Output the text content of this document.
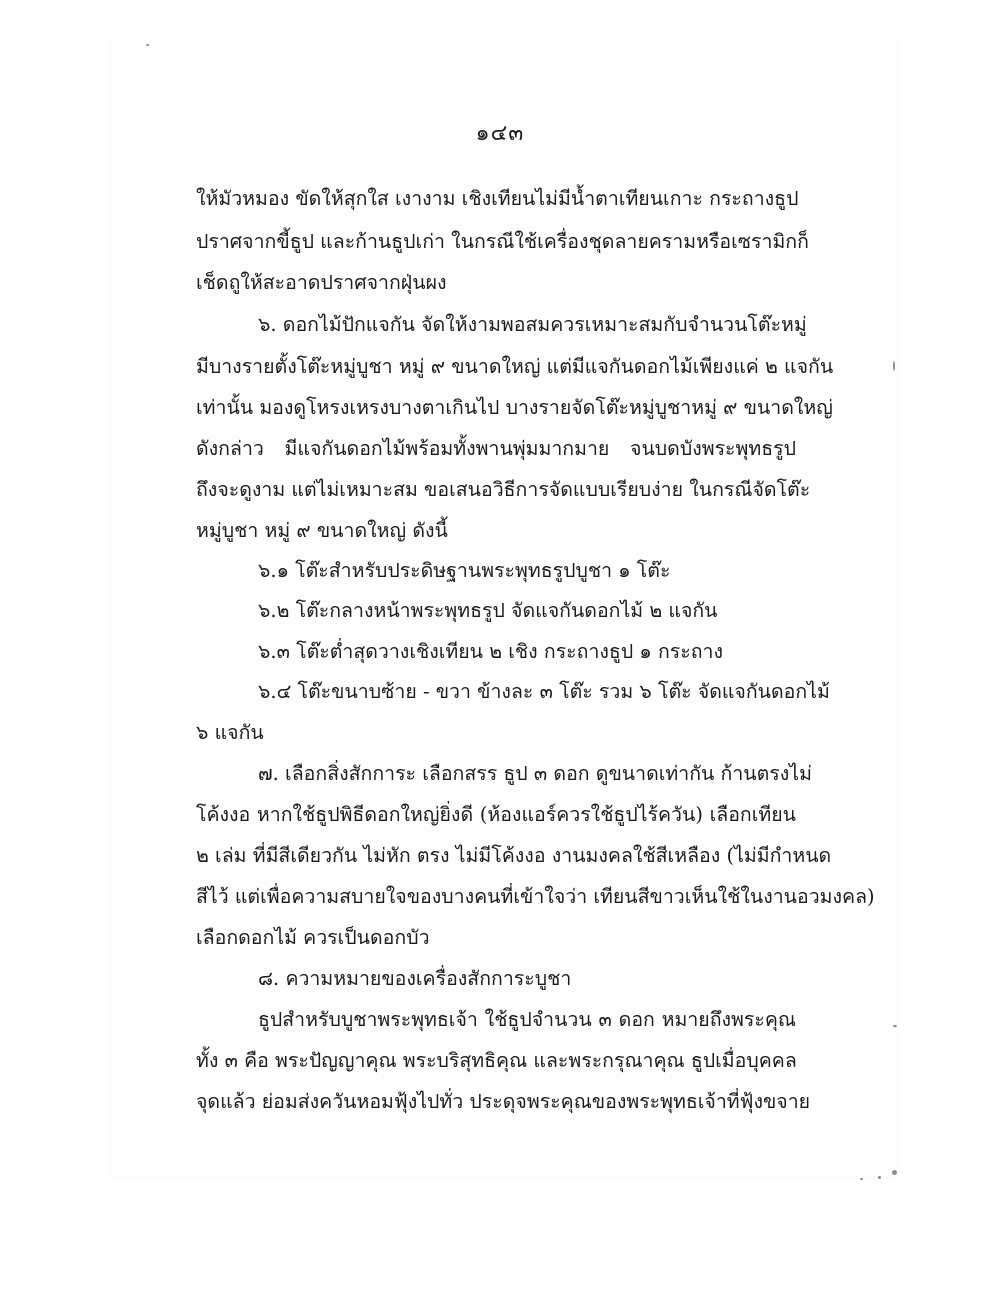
๑๔๓
ให้มัวหมอง ขัดให้สุกใส เงางาม เชิงเทียนไม่มีน้ำตาเทียนเกาะ กระถางธูป
ปราศจากขี้ธูป และก้านธูปเก่า ในกรณีใช้เครื่องชุดลายครามหรือเซรามิกก็
เช็ดถูให้สะอาดปราศจากฝุ่นผง
๖. ดอกไม้ปักแจกัน จัดให้งามพอสมควรเหมาะสมกับจำนวนโต๊ะหมู่
มีบางรายตั้งโต๊ะหมู่บูชา หมู่ ๙ ขนาดใหญ่ แต่มีแจกันดอกไม้เพียงแค่ ๒ แจกัน
เท่านั้น มองดูโหรงเหรงบางตาเกินไป บางรายจัดโต๊ะหมู่บูชาหมู่ ๙ ขนาดใหญ่
ดังกล่าว มีแจกันดอกไม้พร้อมทั้งพานพุ่มมากมาย จนบดบังพระพุทธรูป
ถึงจะดูงาม แต่ไม่เหมาะสม ขอเสนอวิธีการจัดแบบเรียบง่าย ในกรณีจัดโต๊ะ
หมู่บูชา หมู่ ๙ ขนาดใหญ่ ดังนี้
๖.๑ โต๊ะสำหรับประดิษฐานพระพุทธรูปบูชา ๑ โต๊ะ
๖.๒ โต๊ะกลางหน้าพระพุทธรูป จัดแจกันดอกไม้ ๒ แจกัน
๖.๓ โต๊ะต่ำสุดวางเชิงเทียน ๒ เชิง กระถางธูป ๑ กระถาง
๖.๔ โต๊ะขนาบซ้าย - ขวา ข้างละ ๓ โต๊ะ รวม ๖ โต๊ะ จัดแจกันดอกไม้
๖ แจกัน
๗. เลือกสิ่งสักการะ เลือกสรร ธูป ๓ ดอก ดูขนาดเท่ากัน ก้านตรงไม่
โค้งงอ หากใช้ธูปพิธีดอกใหญ่ยิ่งดี (ห้องแอร์ควรใช้ธูปไร้ควัน) เลือกเทียน
๒ เล่ม ที่มีสีเดียวกัน ไม่หัก ตรง ไม่มีโค้งงอ งานมงคลใช้สีเหลือง (ไม่มีกำหนด
สีไว้ แต่เพื่อความสบายใจของบางคนที่เข้าใจว่า เทียนสีขาวเห็นใช้ในงานอวมงคล)
เลือกดอกไม้ ควรเป็นดอกบัว
๘. ความหมายของเครื่องสักการะบูชา
ธูปสำหรับบูชาพระพุทธเจ้า ใช้ธูปจำนวน ๓ ดอก หมายถึงพระคุณ
ทั้ง ๓ คือ พระปัญญาคุณ พระบริสุทธิคุณ และพระกรุณาคุณ ธูปเมื่อบุคคล
จุดแล้ว ย่อมส่งควันหอมฟุ้งไปทั่ว ประดุจพระคุณของพระพุทธเจ้าที่ฟุ้งขจาย
